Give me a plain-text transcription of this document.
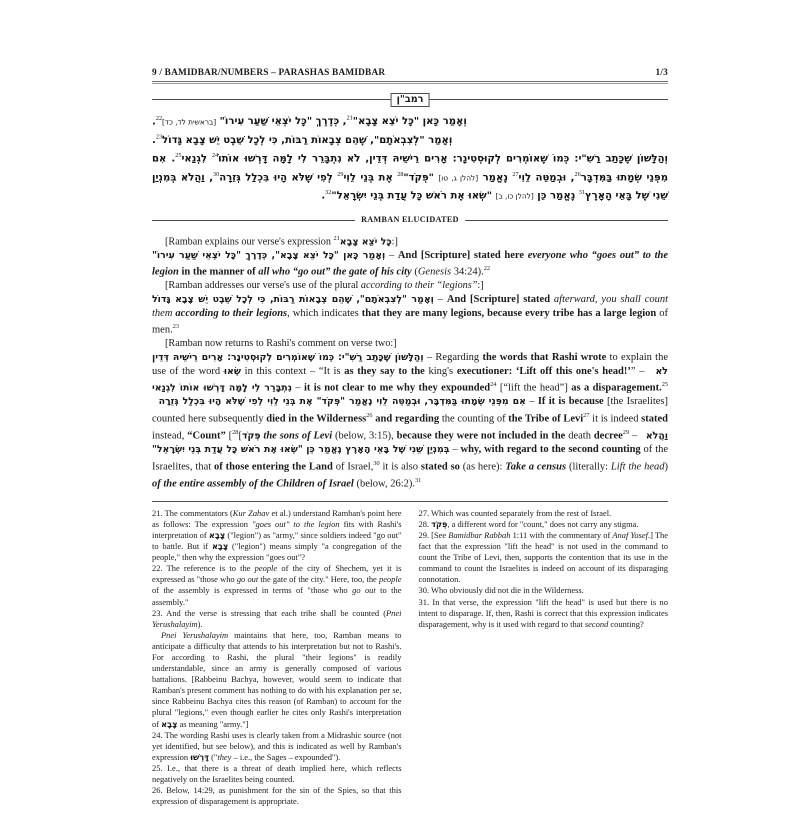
9 / BAMIDBAR/NUMBERS – PARASHAS BAMIDBAR	1/3
רמב"ן

וְאָמַר כָּאן "כָּל יֹצֵא צָבָא"$^{21}$, כְּדֶרֶךְ "כָּל יֹצְאֵי שַׁעַר עִירוֹ" [בראשית לד, כד]$^{22}$.

וְאָמַר "לְצִבְאֹתָם", שֶׁהֵם צְבָאוֹת רַבּוֹת, כִּי לְכָל שֵׁבֶט יֵשׁ צָבָא גָּדוֹל$^{23}$.

וְהַלָּשׁוֹן שֶׁכָּתַב רַשִׁ"י: כְּמוֹ שֶׁאוֹמְרִים לְקוּסְטִינָר: אָרִים רֵישֵׁיהּ דְּדֵין, לֹא נִתְבָּרֵר לִי לָמָּה דָּרְשׁוּ אוֹתוֹ$^{24}$ לִגְנַאי$^{25}$. אִם מִפְּנֵי שְׂמָתוּ בַּמִּדְבָּר$^{26}$, וּבְמַטֵּה לֵוִי$^{27}$ נֶאֱמַר [להלן ג, טו] "פְּקֹד"$^{28}$ אֶת בְּנֵי לֵוִי$^{29}$ לְפִי שֶׁלֹּא הָיוּ בִּכְלַל גְּזֵרָה$^{30}$, וַהֲלֹא בְּמִנְיַן שֵׁנִי שֶׁל בָּאֵי הָאָרֶץ$^{31}$ נֶאֱמַר כֵּן [להלן כו, ב] "שְׂאוּ אֶת רֹאשׁ כָּל עֲדַת בְּנֵי יִשְׂרָאֵל"$^{32}$.

RAMBAN ELUCIDATED

[Ramban explains our verse's expression כָּל יֹצֵא צָבָא$^{21}$	:]

וְאָמַר כָּאן "כָּל יֹצֵא צָבָא", כְּדֶרֶךְ "כָּל יֹצְאֵי שַׁעַר עִירוֹ" – And [Scripture] stated here everyone who “goes out” to the legion in the manner of all who “go out” the gate of his city (Genesis 34:24).$^{22}$

[Ramban addresses our verse's use of the plural according to their “legions”:]

וְאָמַר "לְצִבְאֹתָם", שֶׁהֵם צְבָאוֹת רַבּוֹת, כִּי לְכָל שֵׁבֶט יֵשׁ צָבָא גָּדוֹל – And [Scripture] stated afterward, you shall count them according to their legions, which indicates that they are many legions, because every tribe has a large legion of men.$^{23}$

[Ramban now returns to Rashi's comment on verse two:]

וְהַלָּשׁוֹן שֶׁכָּתַב רַשִׁ"י: כְּמוֹ שֶׁאוֹמְרִים לְקוּסְטִינָר: אָרִים רֵישֵׁיהּ דְּדֵין – Regarding the words that Rashi wrote to explain the use of the word שְׂאוּ in this context – “It is as they say to the king's executioner: ‘Lift off this one's head!’” –   לֹא נִתְבָּרֵר לִי לָמָּה דָּרְשׁוּ אוֹתוֹ לִגְנַאי – it is not clear to me why they expounded$^{24}$ [“lift the head”] as a disparagement.$^{25}$   אִם מִפְּנֵי שְׂמָתוּ בַּמִּדְבָּר, וּבְמַטֵּה לֵוִי נֶאֱמַר "פְּקֹד" אֶת בְּנֵי לֵוִי לְפִי שֶׁלֹּא הָיוּ בִּכְלַל גְּזֵרָה – If it is because [the Israelites] counted here subsequently died in the Wilderness$^{26}$ and regarding the counting of the Tribe of Levi$^{27}$ it is indeed stated instead, “Count” [ פְּקֹד]$^{28}$ the sons of Levi (below, 3:15), because they were not included in the death decree$^{29}$ –   וַהֲלֹא בְּמִנְיַן שֵׁנִי שֶׁל בָּאֵי הָאָרֶץ נֶאֱמַר כֵּן "שְׂאוּ אֶת רֹאשׁ כָּל עֲדַת בְּנֵי יִשְׂרָאֵל" – why, with regard to the second counting of the Israelites, that of those entering the Land of Israel,$^{30}$ it is also stated so (as here): Take a census (literally: Lift the head) of the entire assembly of the Children of Israel (below, 26:2).$^{31}$

21. The commentators (Kur Zahav et al.) understand Ramban's point here as follows: The expression "goes out" to the legion fits with Rashi's interpretation of צָבָא ("legion") as "army," since soldiers indeed "go out" to battle. But if צָבָא ("legion") means simply "a congregation of the people," then why the expression "goes out"?

22. The reference is to the people of the city of Shechem, yet it is expressed as "those who go out the gate of the city." Here, too, the people of the assembly is expressed in terms of "those who go out to the assembly."

23. And the verse is stressing that each tribe shall be counted (Pnei Yerushalayim).

Pnei Yerushalayim maintains that here, too, Ramban means to anticipate a difficulty that attends to his interpretation but not to Rashi's. For according to Rashi, the plural "their legions" is readily understandable, since an army is generally composed of various battalions. [Rabbeinu Bachya, however, would seem to indicate that Ramban's present comment has nothing to do with his explanation per se, since Rabbeinu Bachya cites this reason (of Ramban) to account for the plural "legions," even though earlier he cites only Rashi's interpretation of צָבָא as meaning "army."]

24. The wording Rashi uses is clearly taken from a Midrashic source (not yet identified, but see below), and this is indicated as well by Ramban's expression דָּרְשׁוּ ("they – i.e., the Sages – expounded").

25. I.e., that there is a threat of death implied here, which reflects negatively on the Israelites being counted.

26. Below, 14:29, as punishment for the sin of the Spies, so that this expression of disparagement is appropriate.

27. Which was counted separately from the rest of Israel.

28. פְּקֹד, a different word for "count," does not carry any stigma.

29. [See Bamidbar Rabbah 1:11 with the commentary of Anaf Yosef.] The fact that the expression "lift the head" is not used in the command to count the Tribe of Levi, then, supports the contention that its use in the command to count the Israelites is indeed on account of its disparaging connotation.

30. Who obviously did not die in the Wilderness.

31. In that verse, the expression "lift the head" is used but there is no intent to disparage. If, then, Rashi is correct that this expression indicates disparagement, why is it used with regard to that second counting?
